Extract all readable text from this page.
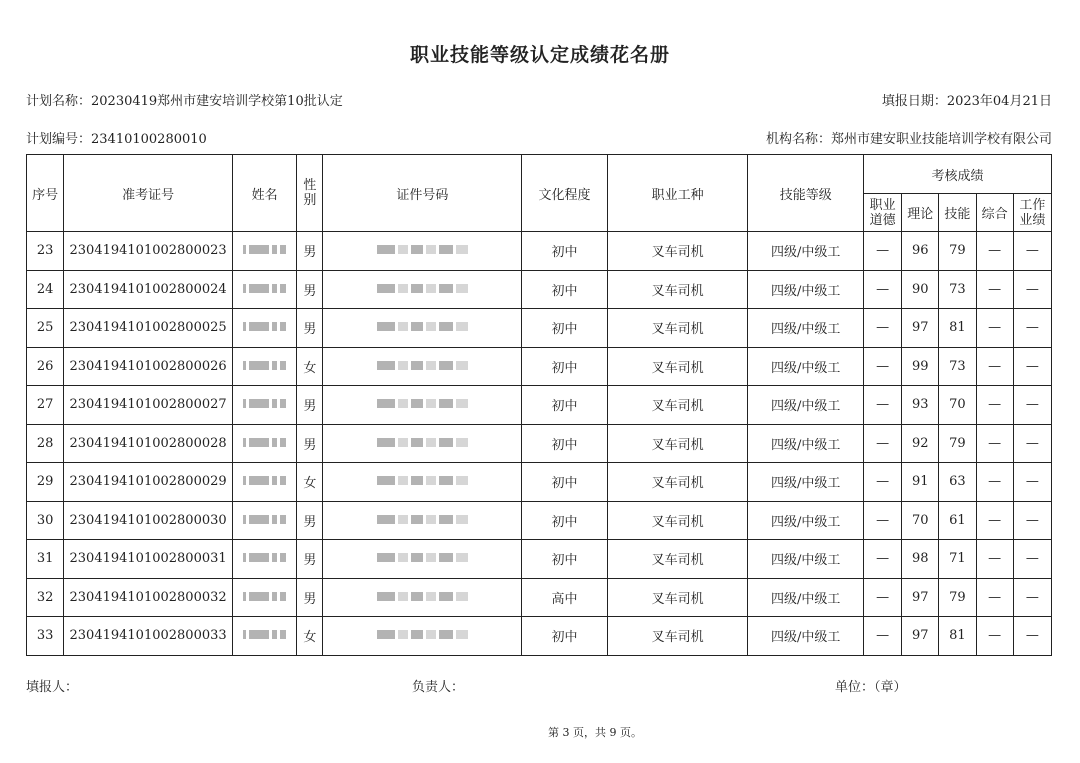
职业技能等级认定成绩花名册
计划名称：20230419郑州市建安培训学校第10批认定	填报日期：2023年04月21日
计划编号：23410100280010	机构名称：郑州市建安职业技能培训学校有限公司
序号	准考证号	姓名	性别	证件号码	文化程度	职业工种	技能等级	考核成绩				
								职业道德	理论	技能	综合	工作业绩
23	2304194101002800023		男		初中	叉车司机	四级/中级工	—	96	79	—	—
24	2304194101002800024		男		初中	叉车司机	四级/中级工	—	90	73	—	—
25	2304194101002800025		男		初中	叉车司机	四级/中级工	—	97	81	—	—
26	2304194101002800026		女		初中	叉车司机	四级/中级工	—	99	73	—	—
27	2304194101002800027		男		初中	叉车司机	四级/中级工	—	93	70	—	—
28	2304194101002800028		男		初中	叉车司机	四级/中级工	—	92	79	—	—
29	2304194101002800029		女		初中	叉车司机	四级/中级工	—	91	63	—	—
30	2304194101002800030		男		初中	叉车司机	四级/中级工	—	70	61	—	—
31	2304194101002800031		男		初中	叉车司机	四级/中级工	—	98	71	—	—
32	2304194101002800032		男		高中	叉车司机	四级/中级工	—	97	79	—	—
33	2304194101002800033		女		初中	叉车司机	四级/中级工	—	97	81	—	—
填报人：	负责人：	单位：（章）
第 3 页，共 9 页。
